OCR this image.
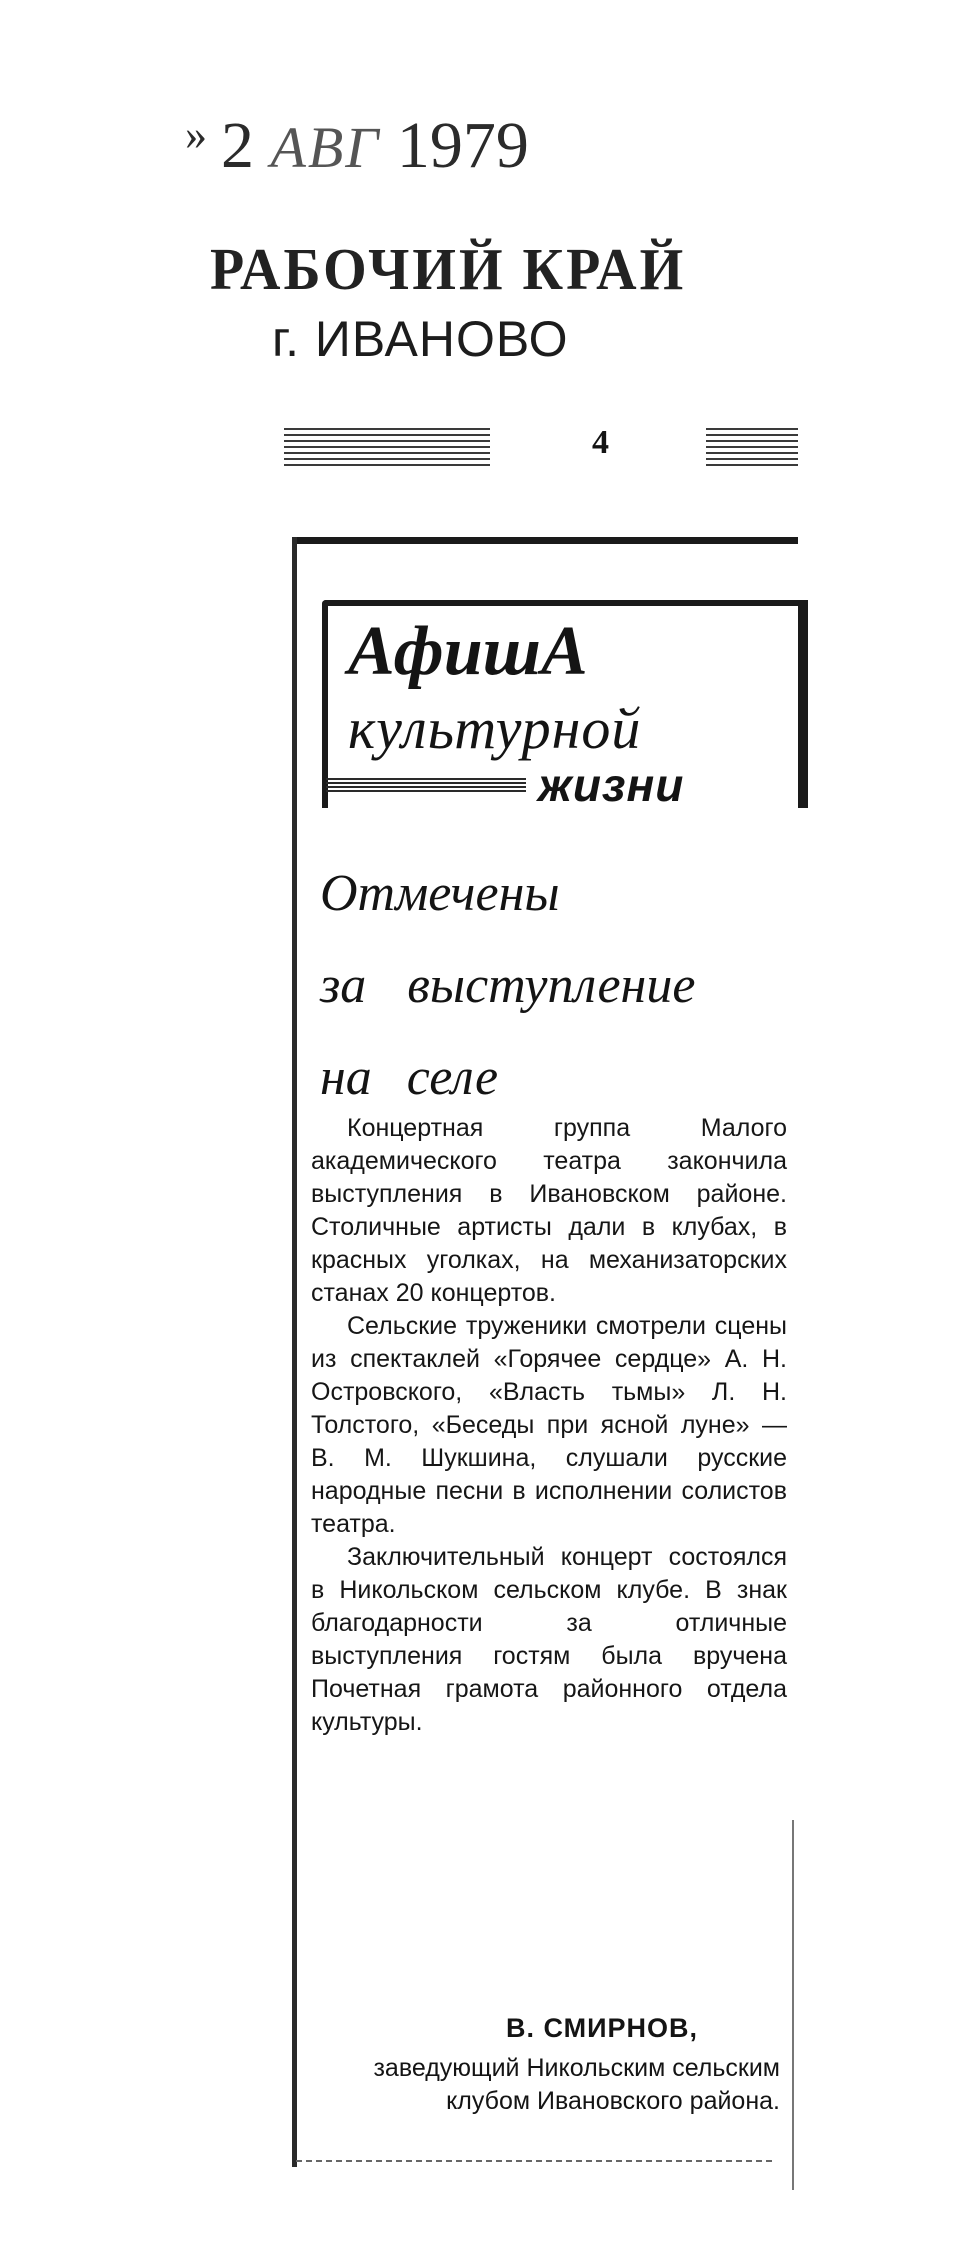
» 2 АВГ 1979
РАБОЧИЙ КРАЙ
г. ИВАНОВО
4
АфишА
культурной
жизни
Отмечены
за выступление
на селе

Концертная группа Малого академического театра закончила выступления в Ивановском районе. Столичные артисты дали в клубах, в красных уголках, на механизаторских станах 20 концертов.

Сельские труженики смотрели сцены из спектаклей «Горячее сердце» А. Н. Островского, «Власть тьмы» Л. Н. Толстого, «Беседы при ясной луне» — В. М. Шукшина, слушали русские народные песни в исполнении солистов театра.

Заключительный концерт состоялся в Никольском сельском клубе. В знак благодарности за отличные выступления гостям была вручена Почетная грамота районного отдела культуры.

В. СМИРНОВ,
заведующий Никольским сельским клубом Ивановского района.
